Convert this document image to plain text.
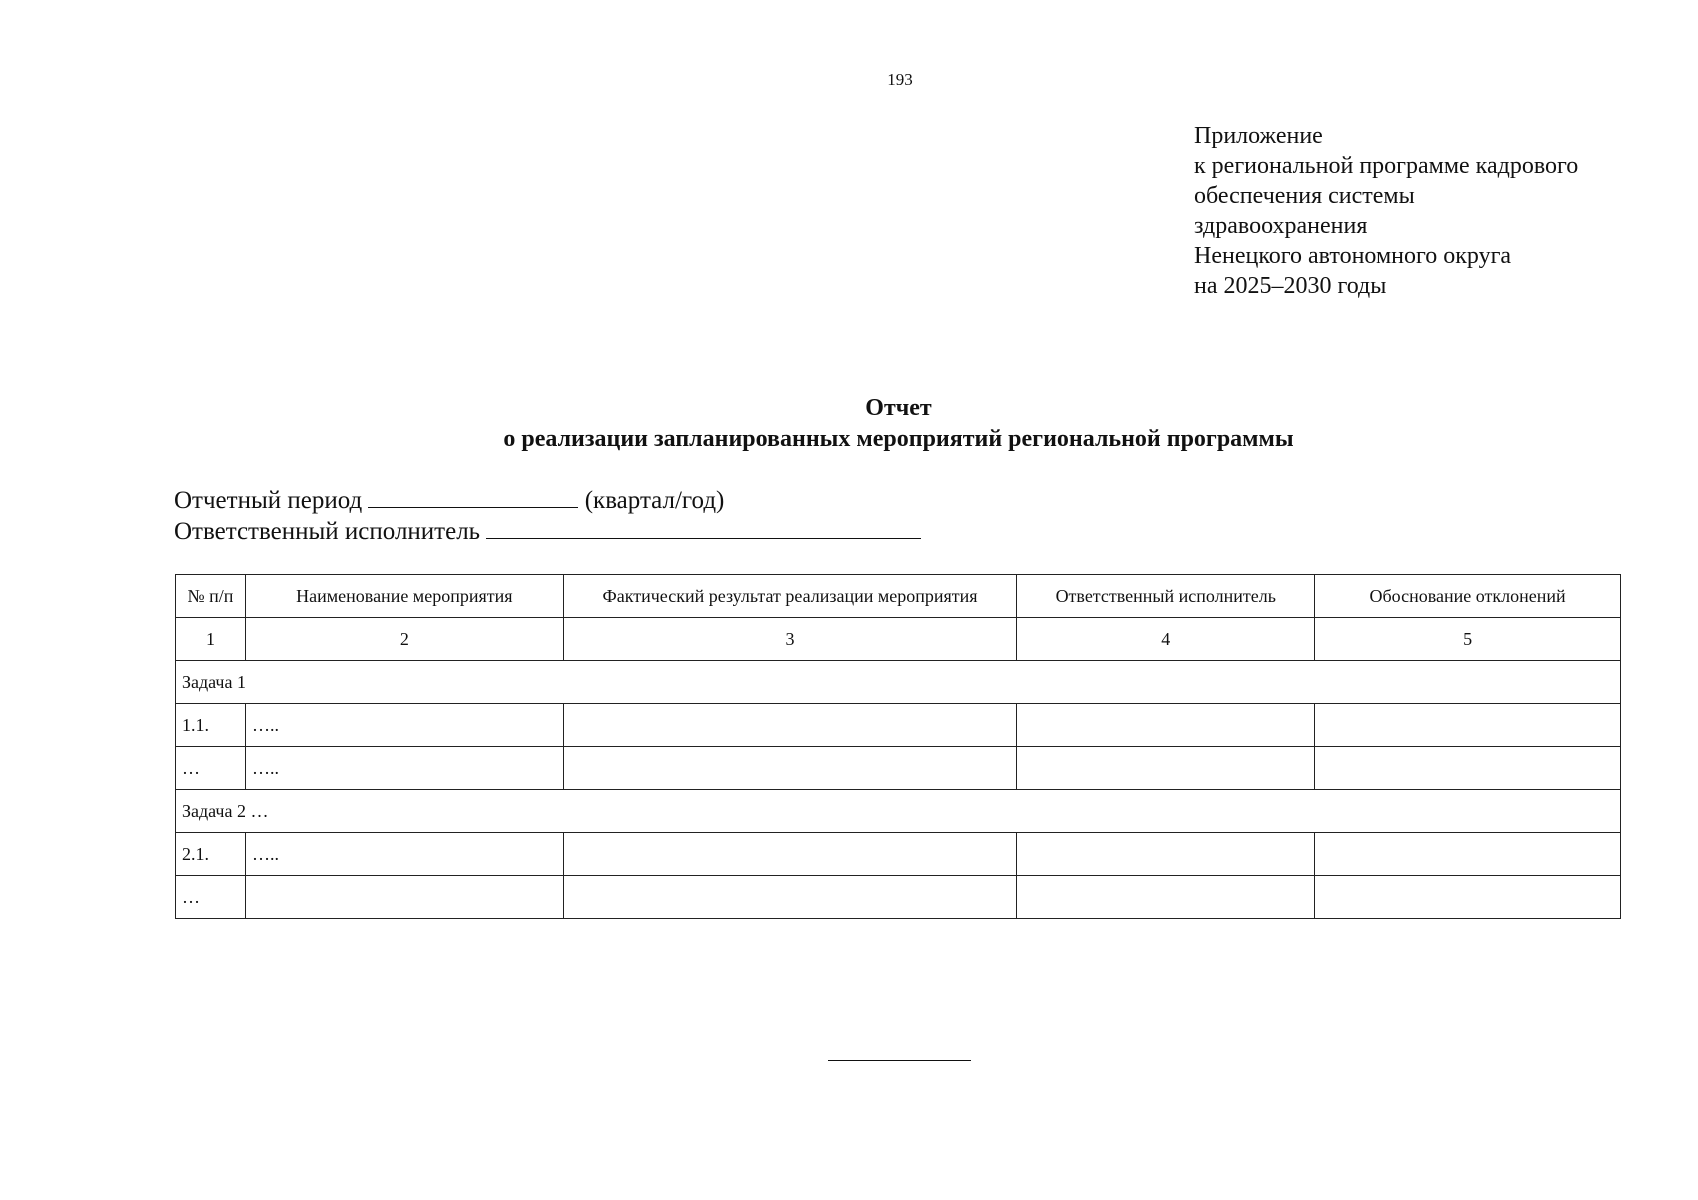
193
Приложение
к региональной программе кадрового
обеспечения системы
здравоохранения
Ненецкого автономного округа
на 2025–2030 годы
Отчет
о реализации запланированных мероприятий региональной программы
Отчетный период	(квартал/год)
Ответственный исполнитель
№ п/п	Наименование мероприятия	Фактический результат реализации мероприятия	Ответственный исполнитель	Обоснование отклонений
1	2	3	4	5
Задача 1				
1.1.	…..			
…	…..			
Задача 2 …				
2.1.	…..			
…				
